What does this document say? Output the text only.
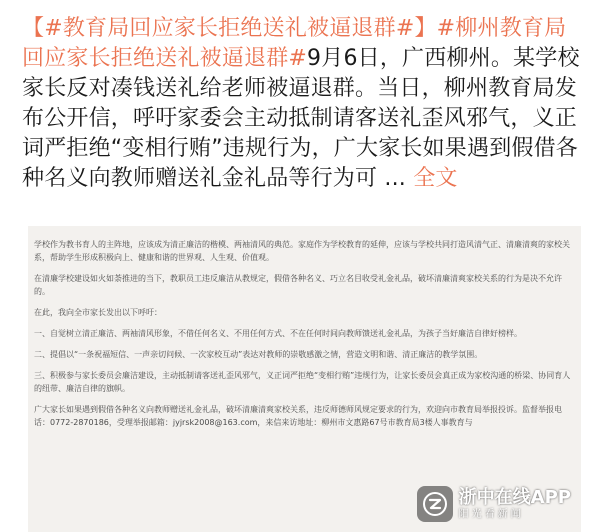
【#教育局回应家长拒绝送礼被逼退群#】#柳州教育局回应家长拒绝送礼被逼退群#9月6日，广西柳州。某学校家长反对凑钱送礼给老师被逼退群。当日，柳州教育局发布公开信，呼吁家委会主动抵制请客送礼歪风邪气，义正词严拒绝“变相行贿”违规行为，广大家长如果遇到假借各种名义向教师赠送礼金礼品等行为可 ... 全文

学校作为教书育人的主阵地，应该成为清正廉洁的楷模、两袖清风的典范。家庭作为学校教育的延伸，应该与学校共同打造风清气正、清廉清爽的家校关系，帮助学生形成积极向上、健康和谐的世界观、人生观、价值观。

在清廉学校建设如火如荼推进的当下，教职员工违反廉洁从教规定，假借各种名义、巧立名目收受礼金礼品，破坏清廉清爽家校关系的行为是决不允许的。

在此，我向全市家长发出以下呼吁：

一、自觉树立清正廉洁、两袖清风形象，不借任何名义、不用任何方式、不在任何时间向教师馈送礼金礼品，为孩子当好廉洁自律好榜样。

二、提倡以“一条祝福短信、一声亲切问候、一次家校互动”表达对教师的崇敬感激之情，营造文明和谐、清正廉洁的教学氛围。

三、积极参与家长委员会廉洁建设，主动抵制请客送礼歪风邪气，义正词严拒绝“变相行贿”违规行为，让家长委员会真正成为家校沟通的桥梁、协同育人的纽带、廉洁自律的旗帜。

广大家长如果遇到假借各种名义向教师赠送礼金礼品，破坏清廉清爽家校关系，违反师德师风规定要求的行为，欢迎向市教育局举报投诉。监督举报电话：0772-2870186，受理举报邮箱：jyjrsk2008@163.com，来信来访地址：柳州市文惠路67号市教育局3楼人事教育与

浙中在线APP
阳光看新闻
